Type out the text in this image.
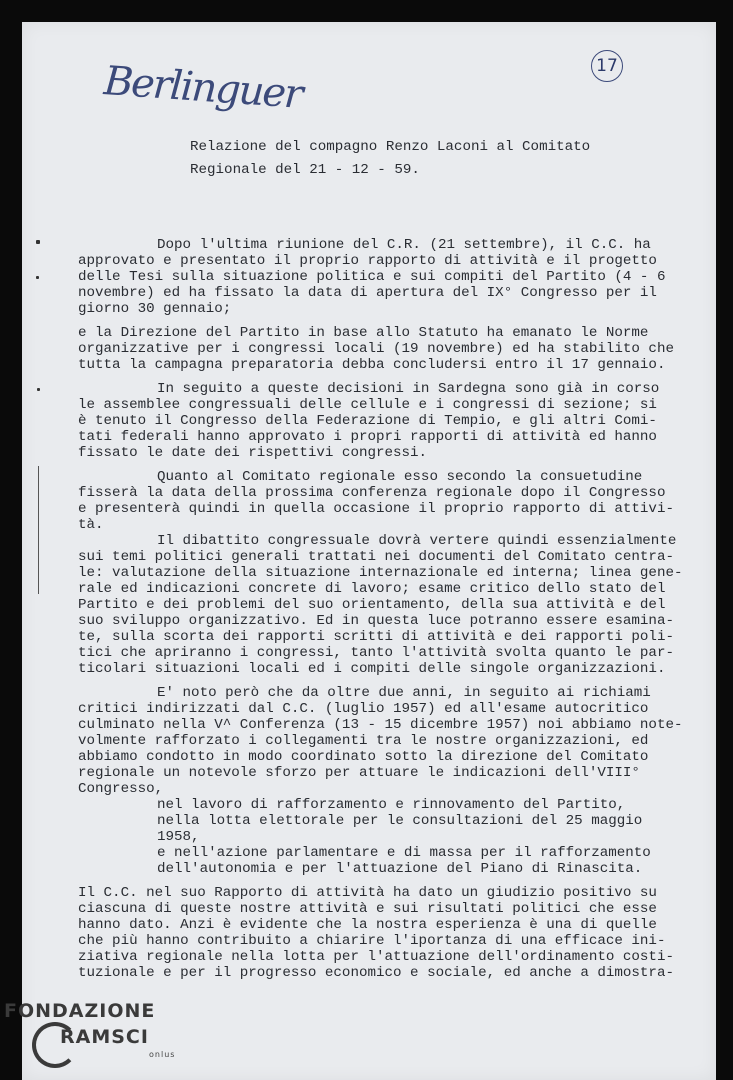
Berlinguer	17
Relazione del compagno Renzo Laconi al Comitato
Regionale del 21 - 12 - 59.
Dopo l'ultima riunione del C.R. (21 settembre), il C.C. ha
approvato e presentato il proprio rapporto di attività e il progetto
delle Tesi sulla situazione politica e sui compiti del Partito (4 - 6
novembre) ed ha fissato la data di apertura del IX° Congresso per il
giorno 30 gennaio;
e la Direzione del Partito in base allo Statuto ha emanato le Norme
organizzative per i congressi locali (19 novembre) ed ha stabilito che
tutta la campagna preparatoria debba concludersi entro il 17 gennaio.
In seguito a queste decisioni in Sardegna sono già in corso
le assemblee congressuali delle cellule e i congressi di sezione; si
è tenuto il Congresso della Federazione di Tempio, e gli altri Comi-
tati federali hanno approvato i propri rapporti di attività ed hanno
fissato le date dei rispettivi congressi.
Quanto al Comitato regionale esso secondo la consuetudine
fisserà la data della prossima conferenza regionale dopo il Congresso
e presenterà quindi in quella occasione il proprio rapporto di attivi-
tà.
Il dibattito congressuale dovrà vertere quindi essenzialmente
sui temi politici generali trattati nei documenti del Comitato centra-
le: valutazione della situazione internazionale ed interna; linea gene-
rale ed indicazioni concrete di lavoro; esame critico dello stato del
Partito e dei problemi del suo orientamento, della sua attività e del
suo sviluppo organizzativo. Ed in questa luce potranno essere esamina-
te, sulla scorta dei rapporti scritti di attività e dei rapporti poli-
tici che apriranno i congressi, tanto l'attività svolta quanto le par-
ticolari situazioni locali ed i compiti delle singole organizzazioni.
E' noto però che da oltre due anni, in seguito ai richiami
critici indirizzati dal C.C. (luglio 1957) ed all'esame autocritico
culminato nella V^ Conferenza (13 - 15 dicembre 1957) noi abbiamo note-
volmente rafforzato i collegamenti tra le nostre organizzazioni, ed
abbiamo condotto in modo coordinato sotto la direzione del Comitato
regionale un notevole sforzo per attuare le indicazioni dell'VIII°
Congresso,
nel lavoro di rafforzamento e rinnovamento del Partito,
nella lotta elettorale per le consultazioni del 25 maggio
1958,
e nell'azione parlamentare e di massa per il rafforzamento
dell'autonomia e per l'attuazione del Piano di Rinascita.
Il C.C. nel suo Rapporto di attività ha dato un giudizio positivo su
ciascuna di queste nostre attività e sui risultati politici che esse
hanno dato. Anzi è evidente che la nostra esperienza è una di quelle
che più hanno contribuito a chiarire l'iportanza di una efficace ini-
ziativa regionale nella lotta per l'attuazione dell'ordinamento costi-
tuzionale e per il progresso economico e sociale, ed anche a dimostra-
FONDAZIONE
RAMSCI
onlus
